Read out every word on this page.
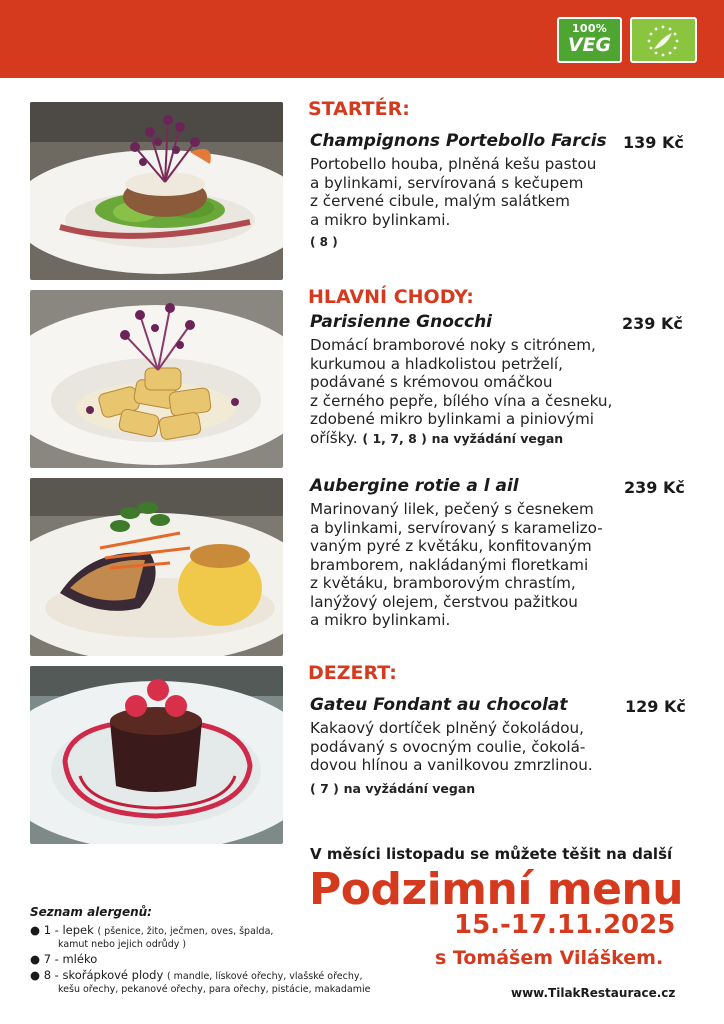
100%
VEG
STARTÉR:
Champignons Portebollo Farcis 139 Kč
Portobello houba, plněná kešu pastou
a bylinkami, servírovaná s kečupem
z červené cibule, malým salátkem
a mikro bylinkami.
( 8 )
HLAVNÍ CHODY:
Parisienne Gnocchi	239 Kč
Domácí bramborové noky s citrónem,
kurkumou a hladkolistou petrželí,
podávané s krémovou omáčkou
z černého pepře, bílého vína a česneku,
zdobené mikro bylinkami a piniovými
oříšky. ( 1, 7, 8 ) na vyžádání vegan
Aubergine rotie a l ail	239 Kč
Marinovaný lilek, pečený s česnekem
a bylinkami, servírovaný s karamelizo-
vaným pyré z květáku, konfitovaným
bramborem, nakládanými floretkami
z květáku, bramborovým chrastím,
lanýžový olejem, čerstvou pažitkou
a mikro bylinkami.
DEZERT:
Gateu Fondant au chocolat	129 Kč
Kakaový dortíček plněný čokoládou,
podávaný s ovocným coulie, čokolá-
dovou hlínou a vanilkovou zmrzlinou.
( 7 ) na vyžádání vegan
V měsíci listopadu se můžete těšit na další
Podzimní menu
15.-17.11.2025
s Tomášem Viláškem.
www.TilakRestaurace.cz
Seznam alergenů:
● 1 - lepek ( pšenice, žito, ječmen, oves, špalda,
kamut nebo jejich odrůdy )
● 7 - mléko
● 8 - skořápkové plody ( mandle, lískové ořechy, vlašské ořechy,
kešu ořechy, pekanové ořechy, para ořechy, pistácie, makadamie
